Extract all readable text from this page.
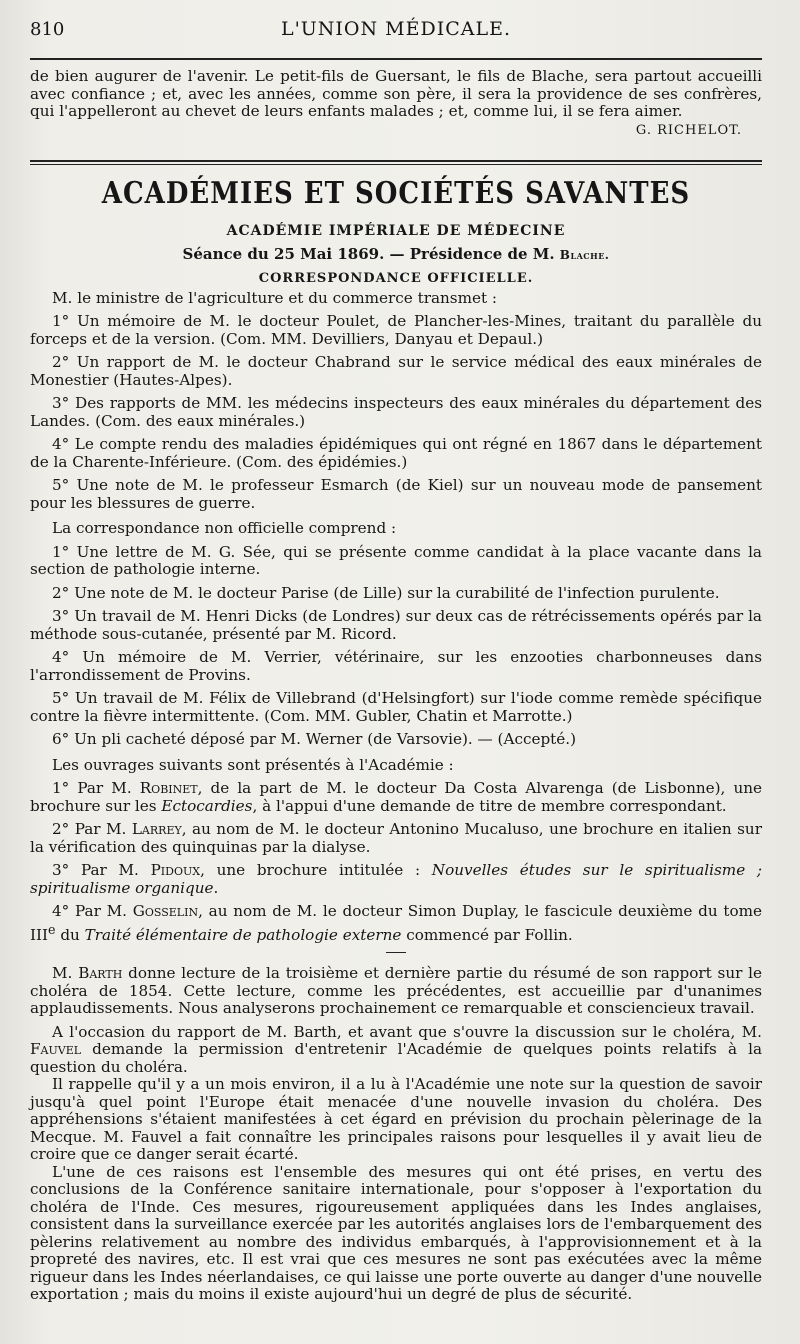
810	L'UNION MÉDICALE.

de bien augurer de l'avenir. Le petit-fils de Guersant, le fils de Blache, sera partout accueilli avec confiance ; et, avec les années, comme son père, il sera la providence de ses confrères, qui l'appelleront au chevet de leurs enfants malades ; et, comme lui, il se fera aimer.

G. RICHELOT.

ACADÉMIES ET SOCIÉTÉS SAVANTES
ACADÉMIE IMPÉRIALE DE MÉDECINE

Séance du 25 Mai 1869. — Présidence de M. Blache.

CORRESPONDANCE OFFICIELLE.

M. le ministre de l'agriculture et du commerce transmet :

1° Un mémoire de M. le docteur Poulet, de Plancher-les-Mines, traitant du parallèle du forceps et de la version. (Com. MM. Devilliers, Danyau et Depaul.)

2° Un rapport de M. le docteur Chabrand sur le service médical des eaux minérales de Monestier (Hautes-Alpes).

3° Des rapports de MM. les médecins inspecteurs des eaux minérales du département des Landes. (Com. des eaux minérales.)

4° Le compte rendu des maladies épidémiques qui ont régné en 1867 dans le département de la Charente-Inférieure. (Com. des épidémies.)

5° Une note de M. le professeur Esmarch (de Kiel) sur un nouveau mode de pansement pour les blessures de guerre.

La correspondance non officielle comprend :

1° Une lettre de M. G. Sée, qui se présente comme candidat à la place vacante dans la section de pathologie interne.

2° Une note de M. le docteur Parise (de Lille) sur la curabilité de l'infection purulente.

3° Un travail de M. Henri Dicks (de Londres) sur deux cas de rétrécissements opérés par la méthode sous-cutanée, présenté par M. Ricord.

4° Un mémoire de M. Verrier, vétérinaire, sur les enzooties charbonneuses dans l'arrondissement de Provins.

5° Un travail de M. Félix de Villebrand (d'Helsingfort) sur l'iode comme remède spécifique contre la fièvre intermittente. (Com. MM. Gubler, Chatin et Marrotte.)

6° Un pli cacheté déposé par M. Werner (de Varsovie). — (Accepté.)

Les ouvrages suivants sont présentés à l'Académie :

1° Par M. Robinet, de la part de M. le docteur Da Costa Alvarenga (de Lisbonne), une brochure sur les Ectocardies, à l'appui d'une demande de titre de membre correspondant.

2° Par M. Larrey, au nom de M. le docteur Antonino Mucaluso, une brochure en italien sur la vérification des quinquinas par la dialyse.

3° Par M. Pidoux, une brochure intitulée : Nouvelles études sur le spiritualisme ; spiritualisme organique.

4° Par M. Gosselin, au nom de M. le docteur Simon Duplay, le fascicule deuxième du tome IIIe du Traité élémentaire de pathologie externe commencé par Follin.

M. Barth donne lecture de la troisième et dernière partie du résumé de son rapport sur le choléra de 1854. Cette lecture, comme les précédentes, est accueillie par d'unanimes applaudissements. Nous analyserons prochainement ce remarquable et consciencieux travail.

A l'occasion du rapport de M. Barth, et avant que s'ouvre la discussion sur le choléra, M. Fauvel demande la permission d'entretenir l'Académie de quelques points relatifs à la question du choléra.

Il rappelle qu'il y a un mois environ, il a lu à l'Académie une note sur la question de savoir jusqu'à quel point l'Europe était menacée d'une nouvelle invasion du choléra. Des appréhensions s'étaient manifestées à cet égard en prévision du prochain pèlerinage de la Mecque. M. Fauvel a fait connaître les principales raisons pour lesquelles il y avait lieu de croire que ce danger serait écarté.

L'une de ces raisons est l'ensemble des mesures qui ont été prises, en vertu des conclusions de la Conférence sanitaire internationale, pour s'opposer à l'exportation du choléra de l'Inde. Ces mesures, rigoureusement appliquées dans les Indes anglaises, consistent dans la surveillance exercée par les autorités anglaises lors de l'embarquement des pèlerins relativement au nombre des individus embarqués, à l'approvisionnement et à la propreté des navires, etc. Il est vrai que ces mesures ne sont pas exécutées avec la même rigueur dans les Indes néerlandaises, ce qui laisse une porte ouverte au danger d'une nouvelle exportation ; mais du moins il existe aujourd'hui un degré de plus de sécurité.
